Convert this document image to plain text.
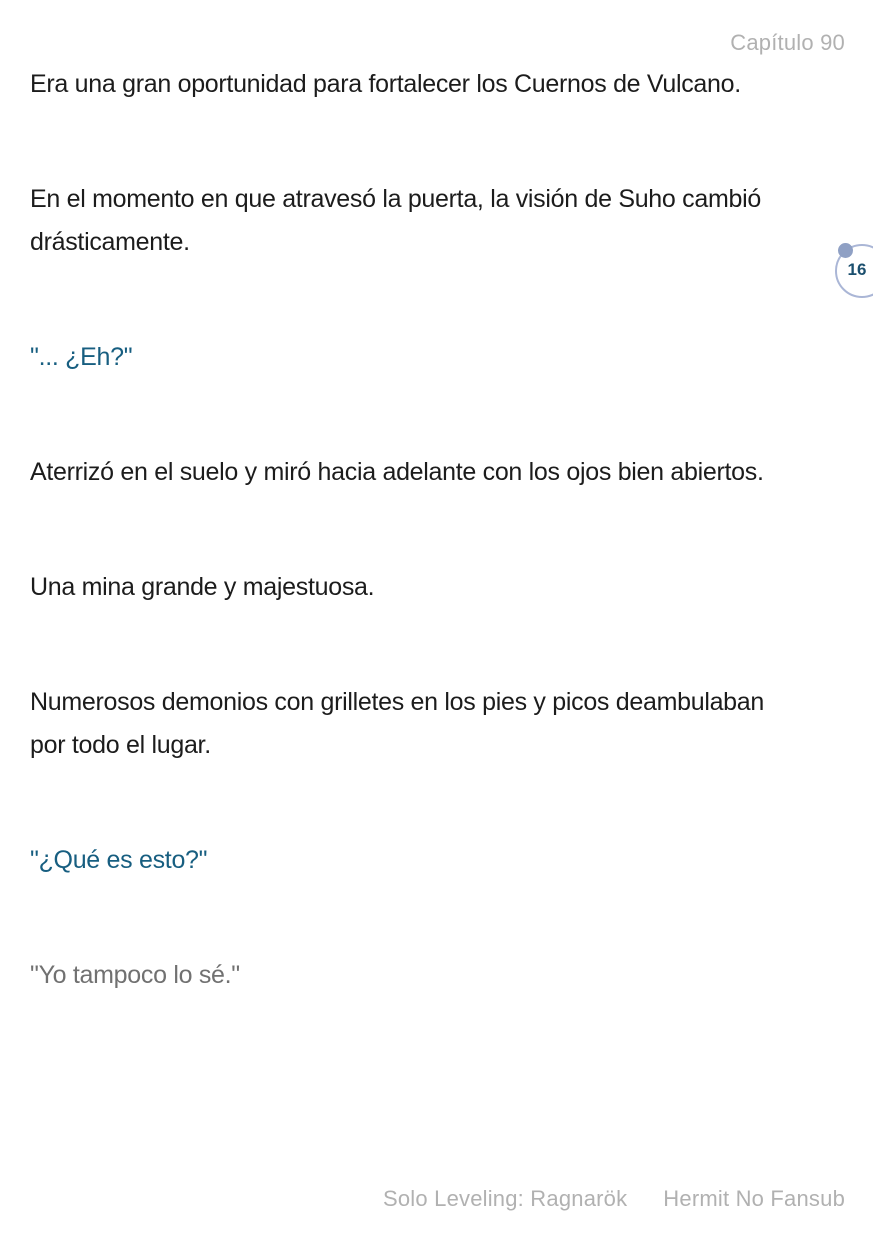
Capítulo 90

Era una gran oportunidad para fortalecer los Cuernos de Vulcano.

En el momento en que atravesó la puerta, la visión de Suho cambió drásticamente.

"... ¿Eh?"

Aterrizó en el suelo y miró hacia adelante con los ojos bien abiertos.

Una mina grande y majestuosa.

Numerosos demonios con grilletes en los pies y picos deambulaban por todo el lugar.

"¿Qué es esto?"

"Yo tampoco lo sé."

16
Solo Leveling: Ragnarök Hermit No Fansub
